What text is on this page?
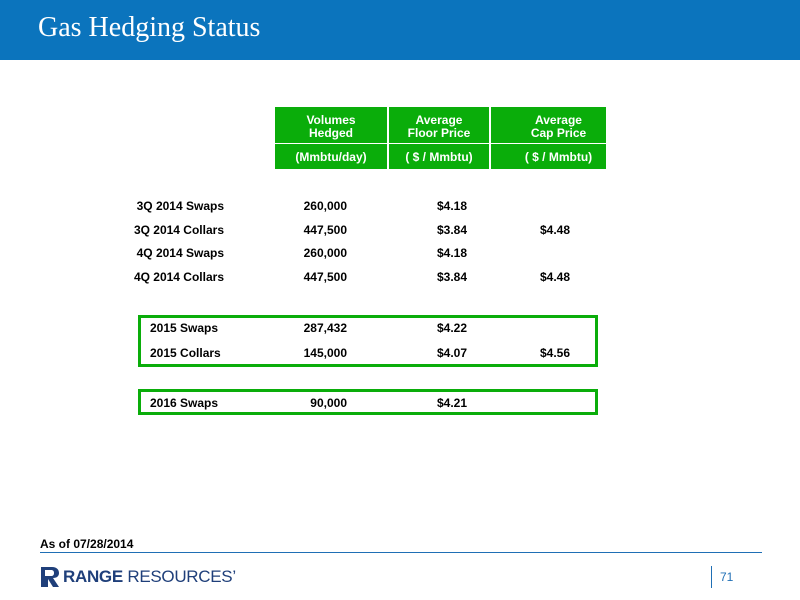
Gas Hedging Status
Volumes
Hedged
(Mmbtu/day)
Average
Floor Price
( $ / Mmbtu)
Average
Cap Price
( $ / Mmbtu)
3Q 2014 Swaps	260,000	$4.18
3Q 2014 Collars	447,500	$3.84	$4.48
4Q 2014 Swaps	260,000	$4.18
4Q 2014 Collars	447,500	$3.84	$4.48
2015 Swaps	287,432	$4.22
2015 Collars	145,000	$4.07	$4.56
2016 Swaps	90,000	$4.21
As of 07/28/2014
RANGE RESOURCES’	71
